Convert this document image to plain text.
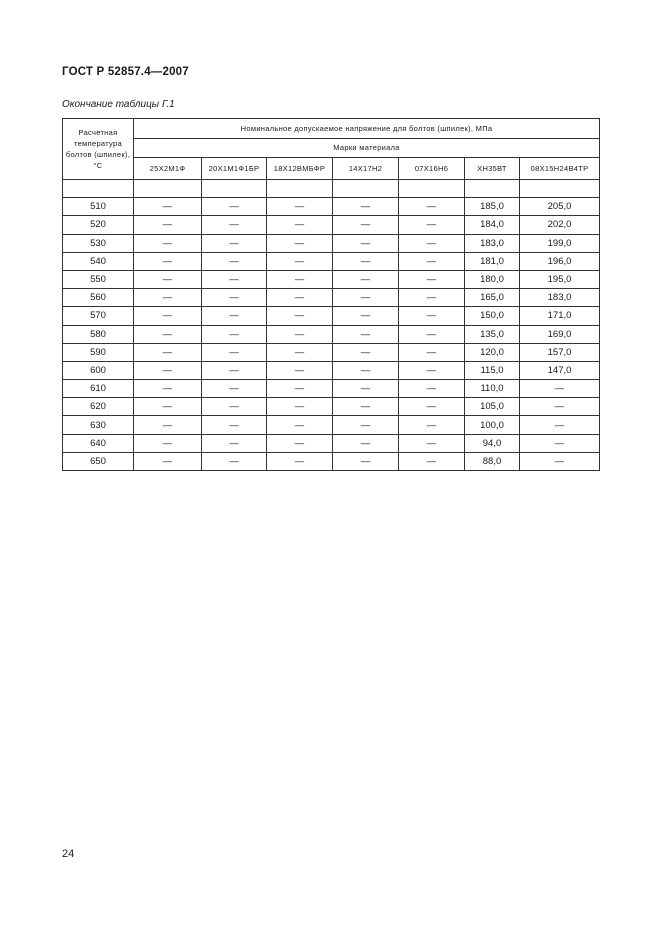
ГОСТ Р 52857.4—2007
Окончание таблицы Г.1
Расчетная температура болтов (шпилек), °С	Номинальное допускаемое напряжение для болтов (шпилек), МПа						
	Марки материала						
	25Х2М1Ф	20Х1М1Ф1БР	18Х12ВМБФР	14Х17Н2	07Х16Н6	ХН35ВТ	08Х15Н24В4ТР

510	—	—	—	—	—	185,0	205,0
520	—	—	—	—	—	184,0	202,0
530	—	—	—	—	—	183,0	199,0
540	—	—	—	—	—	181,0	196,0
550	—	—	—	—	—	180,0	195,0
560	—	—	—	—	—	165,0	183,0
570	—	—	—	—	—	150,0	171,0
580	—	—	—	—	—	135,0	169,0
590	—	—	—	—	—	120,0	157,0
600	—	—	—	—	—	115,0	147,0
610	—	—	—	—	—	110,0	—
620	—	—	—	—	—	105,0	—
630	—	—	—	—	—	100,0	—
640	—	—	—	—	—	94,0	—
650	—	—	—	—	—	88,0	—
24
